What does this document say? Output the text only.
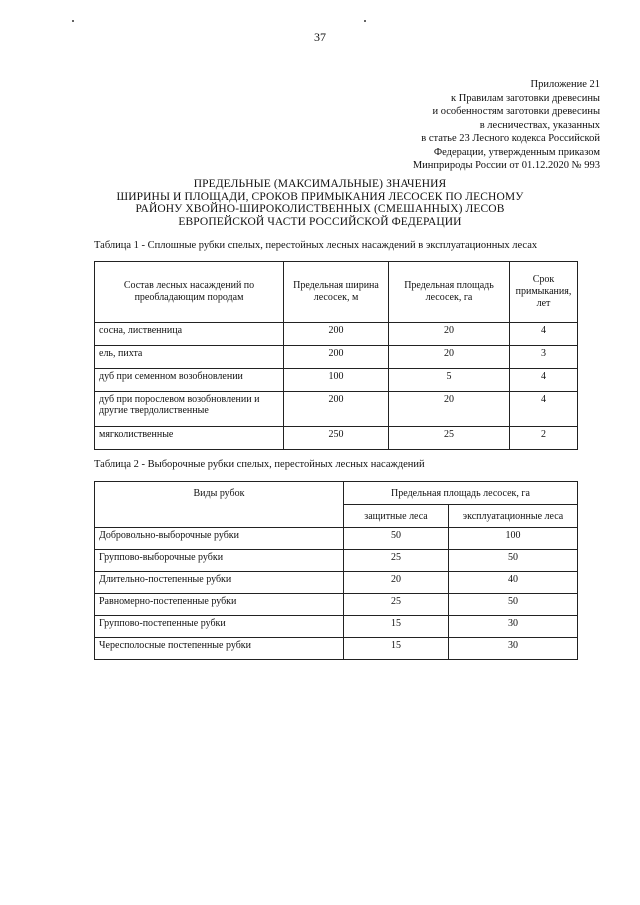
37
Приложение 21
к Правилам заготовки древесины
и особенностям заготовки древесины
в лесничествах, указанных
в статье 23 Лесного кодекса Российской
Федерации, утвержденным приказом
Минприроды России от 01.12.2020 № 993
ПРЕДЕЛЬНЫЕ (МАКСИМАЛЬНЫЕ) ЗНАЧЕНИЯ
ШИРИНЫ И ПЛОЩАДИ, СРОКОВ ПРИМЫКАНИЯ ЛЕСОСЕК ПО ЛЕСНОМУ
РАЙОНУ ХВОЙНО-ШИРОКОЛИСТВЕННЫХ (СМЕШАННЫХ) ЛЕСОВ
ЕВРОПЕЙСКОЙ ЧАСТИ РОССИЙСКОЙ ФЕДЕРАЦИИ
Таблица 1 - Сплошные рубки спелых, перестойных лесных насаждений в эксплуатационных лесах
Состав лесных насаждений по преобладающим породам	Предельная ширина лесосек, м	Предельная площадь лесосек, га	Срок примыкания, лет
сосна, лиственница	200	20	4
ель, пихта	200	20	3
дуб при семенном возобновлении	100	5	4
дуб при порослевом возобновлении и другие твердолиственные	200	20	4
мягколиственные	250	25	2
Таблица 2 - Выборочные рубки спелых, перестойных лесных насаждений
Виды рубок	Предельная площадь лесосек, га	
	защитные леса	эксплуатационные леса
Добровольно-выборочные рубки	50	100
Группово-выборочные рубки	25	50
Длительно-постепенные рубки	20	40
Равномерно-постепенные рубки	25	50
Группово-постепенные рубки	15	30
Чересполосные постепенные рубки	15	30
